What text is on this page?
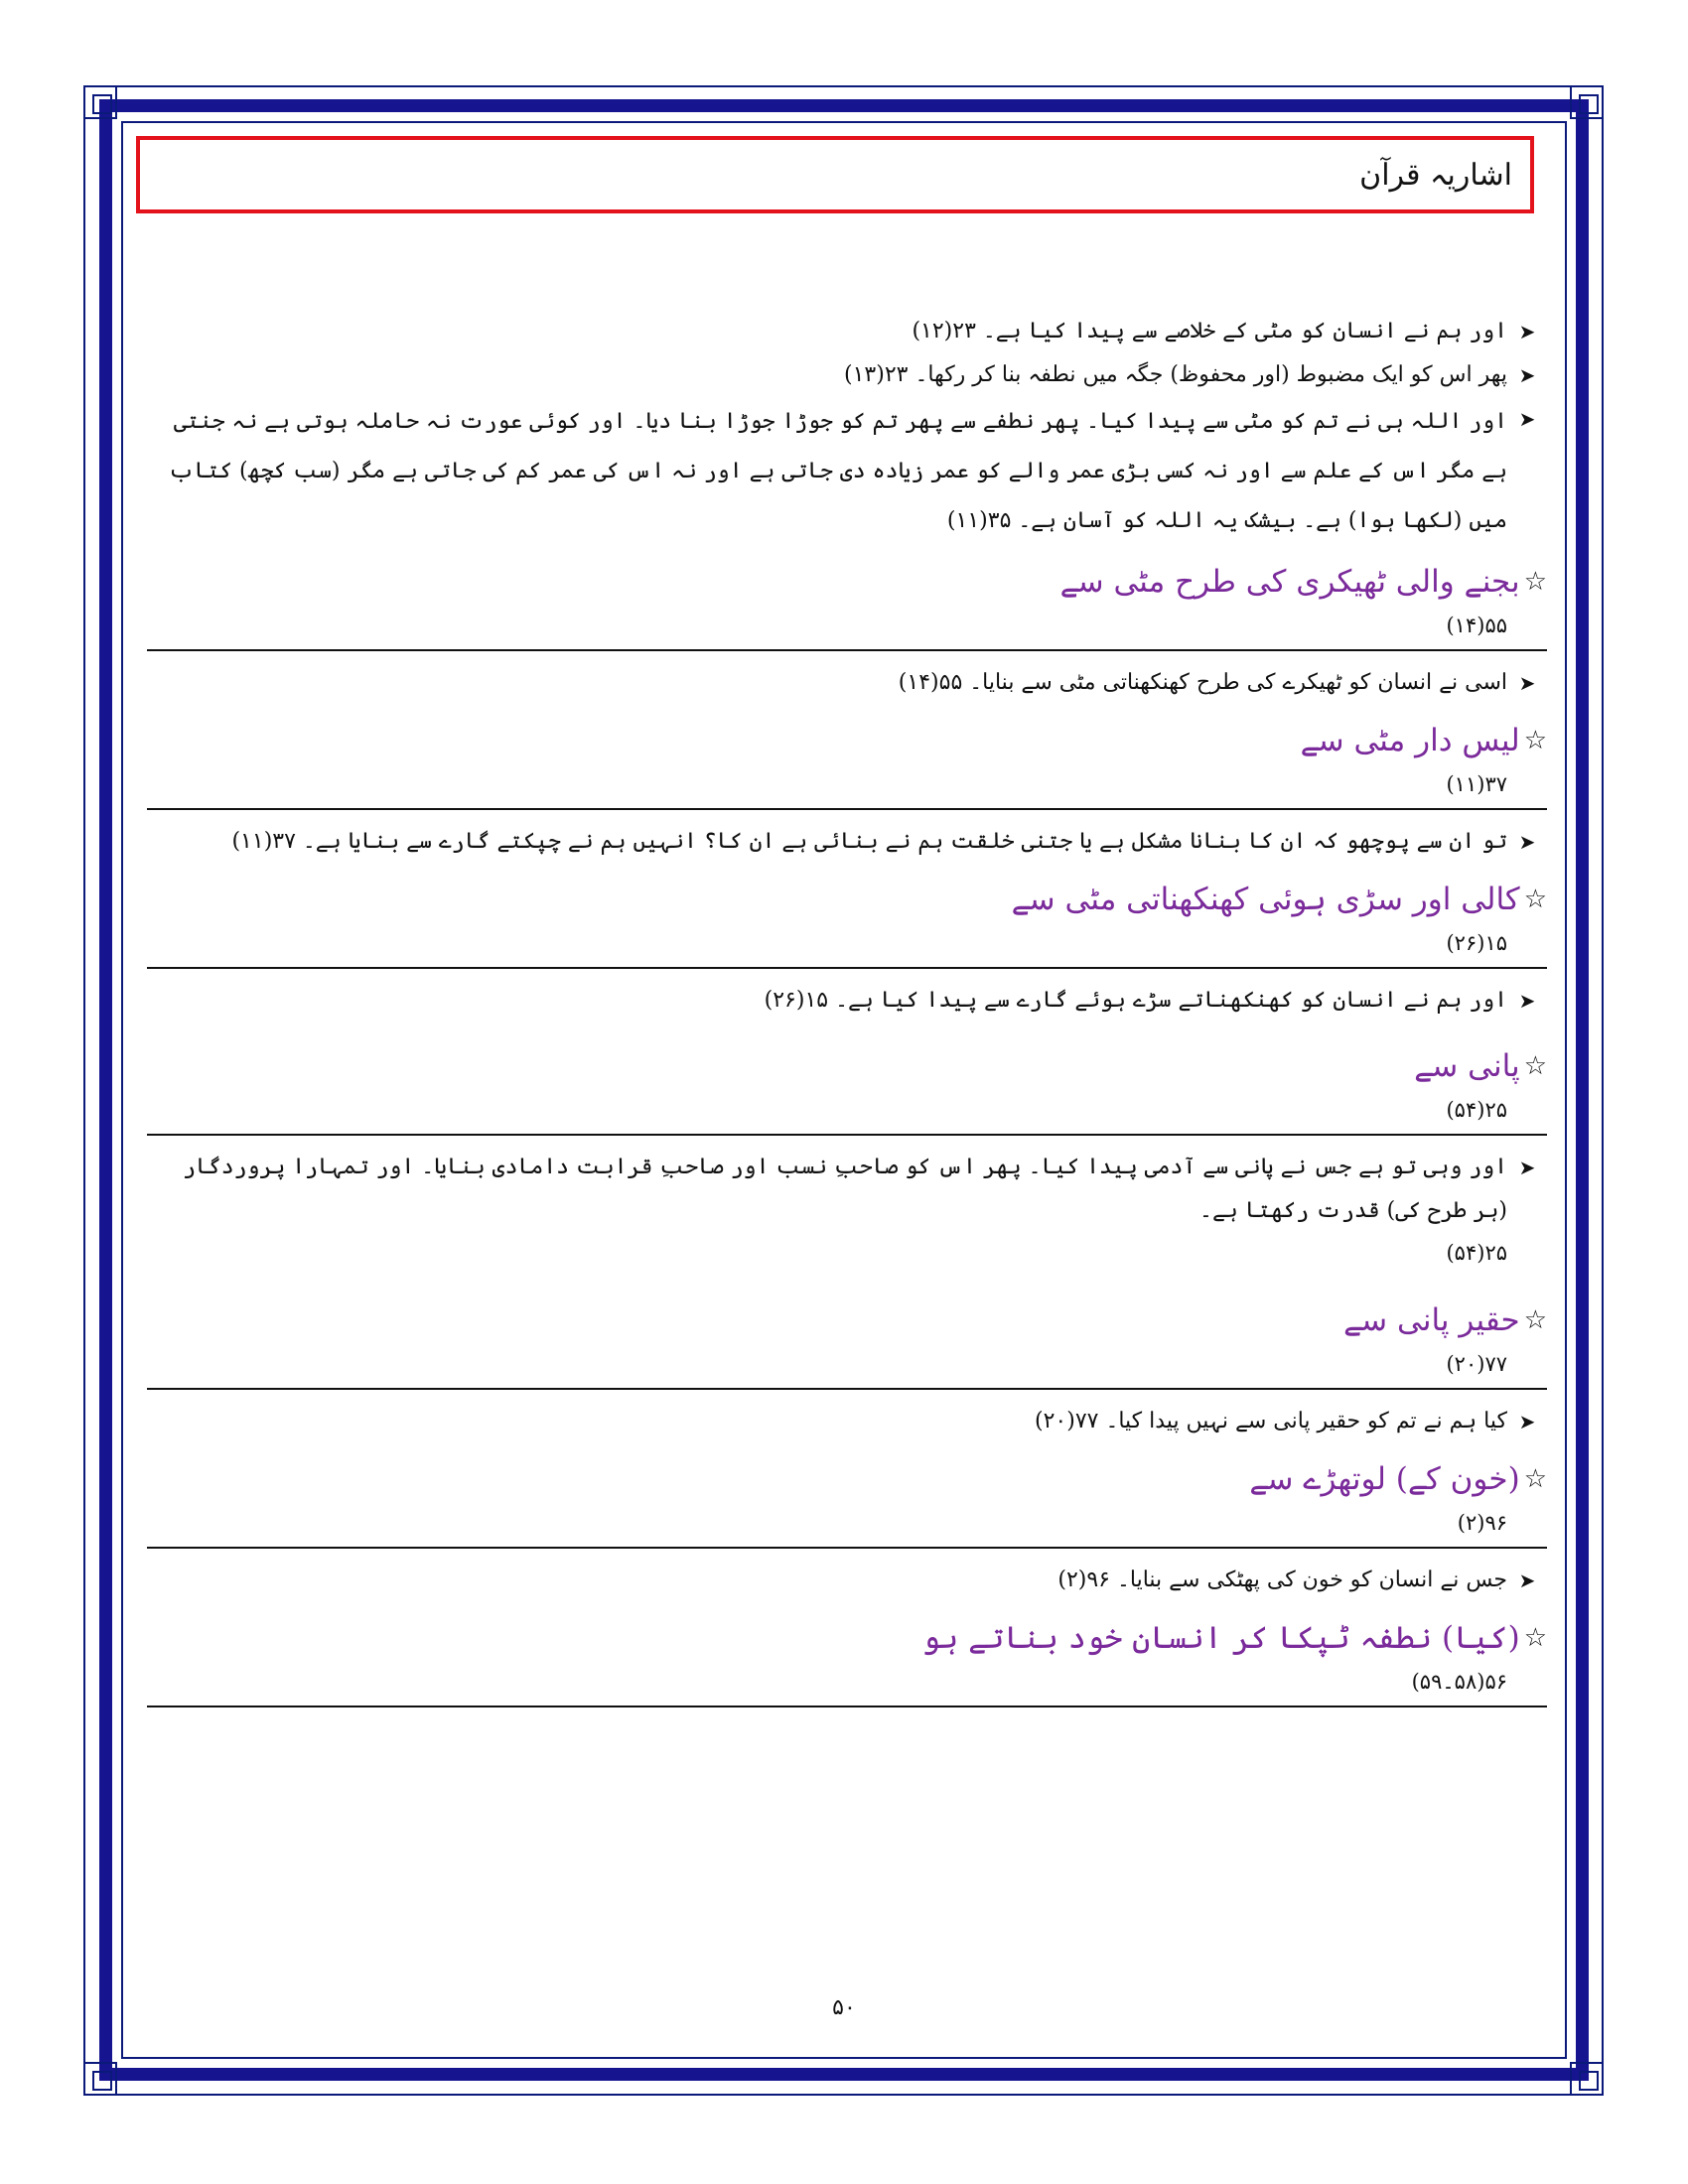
اشاریہ قرآن
➤
اور ہم نے انسان کو مٹی کے خلاصے سے پیدا کیا ہے۔ ۲۳(۱۲)
➤
پھر اس کو ایک مضبوط (اور محفوظ) جگہ میں نطفہ بنا کر رکھا۔ ۲۳(۱۳)
➤
اور اللہ ہی نے تم کو مٹی سے پیدا کیا۔ پھر نطفے سے پھر تم کو جوڑا جوڑا بنا دیا۔ اور کوئی عورت نہ حاملہ ہوتی ہے نہ جنتی ہے مگر اس کے علم سے اور نہ کسی بڑی عمر والے کو عمر زیادہ دی جاتی ہے اور نہ اس کی عمر کم کی جاتی ہے مگر (سب کچھ) کتاب میں (لکھا ہوا) ہے۔ بیشک یہ اللہ کو آسان ہے۔ ۳۵(۱۱)
☆
بجنے والی ٹھیکری کی طرح مٹی سے
۵۵(۱۴)
➤
اسی نے انسان کو ٹھیکرے کی طرح کھنکھناتی مٹی سے بنایا۔ ۵۵(۱۴)
☆
لیس دار مٹی سے
۳۷(۱۱)
➤
تو ان سے پوچھو کہ ان کا بنانا مشکل ہے یا جتنی خلقت ہم نے بنائی ہے ان کا؟ انہیں ہم نے چپکتے گارے سے بنایا ہے۔ ۳۷(۱۱)
☆
کالی اور سڑی ہوئی کھنکھناتی مٹی سے
۱۵(۲۶)
➤
اور ہم نے انسان کو کھنکھناتے سڑے ہوئے گارے سے پیدا کیا ہے۔ ۱۵(۲۶)
☆
پانی سے
۲۵(۵۴)
➤
اور وہی تو ہے جس نے پانی سے آدمی پیدا کیا۔ پھر اس کو صاحبِ نسب اور صاحبِ قرابت دامادی بنایا۔ اور تمہارا پروردگار (ہر طرح کی) قدرت رکھتا ہے۔
۲۵(۵۴)
☆
حقیر پانی سے
۷۷(۲۰)
➤
کیا ہم نے تم کو حقیر پانی سے نہیں پیدا کیا۔ ۷۷(۲۰)
☆
(خون کے) لوتھڑے سے
۹۶(۲)
➤
جس نے انسان کو خون کی پھٹکی سے بنایا۔ ۹۶(۲)
☆
(کیا) نطفہ ٹپکا کر انسان خود بناتے ہو
۵۶(۵۸۔۵۹)
۵۰
